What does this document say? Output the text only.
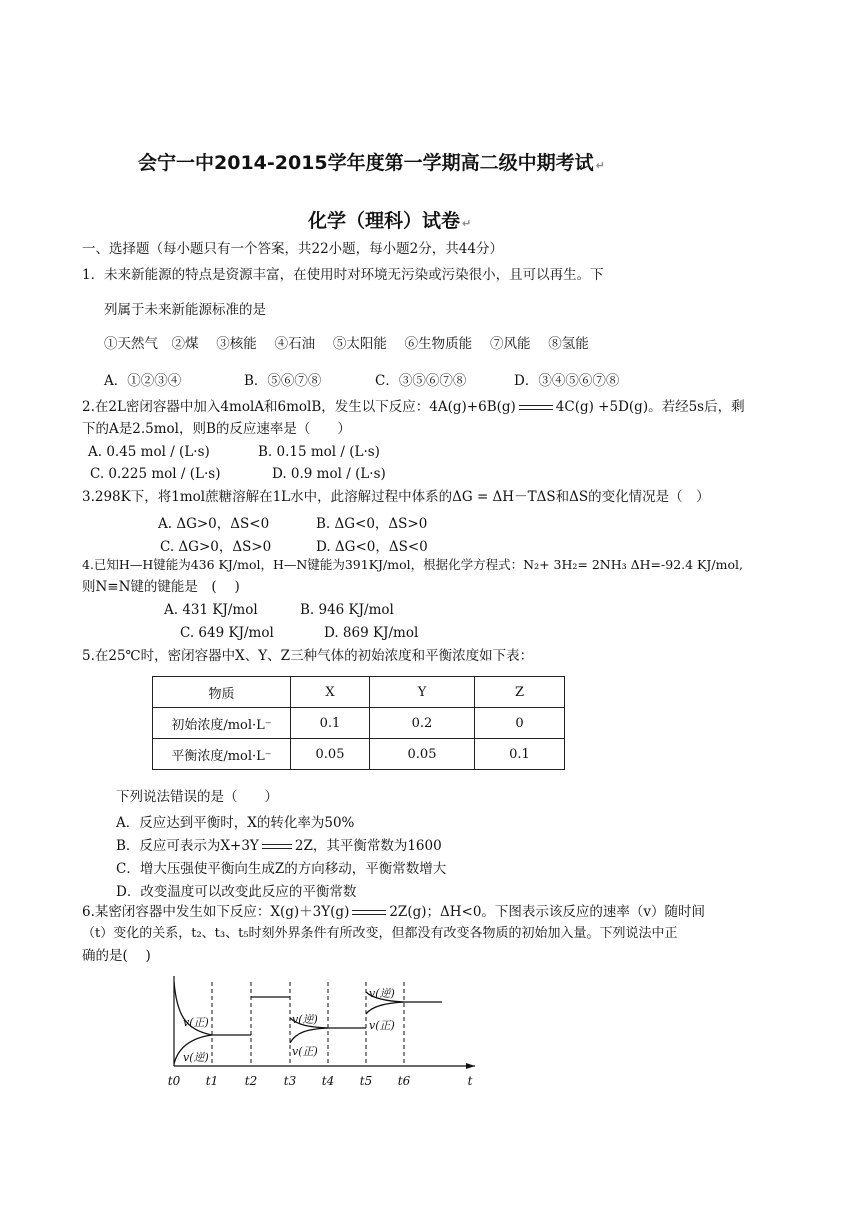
会宁一中2014-2015学年度第一学期高二级中期考试 ↵
化学（理科）试卷 ↵
一、选择题（每小题只有一个答案，共22小题，每小题2分，共44分）
1．未来新能源的特点是资源丰富，在使用时对环境无污染或污染很小，且可以再生。下
列属于未来新能源标准的是
①天然气　②煤　 ③核能　 ④石油　 ⑤太阳能　 ⑥生物质能　 ⑦风能　 ⑧氢能
A．①②③④	B．⑤⑥⑦⑧	C．③⑤⑥⑦⑧	D．③④⑤⑥⑦⑧
2.在2L密闭容器中加入4molA和6molB，发生以下反应：4A(g)+6B(g)	4C(g) +5D(g)。若经5s后，剩
下的A是2.5mol，则B的反应速率是（　　）
A. 0.45 mol / (L·s)	B. 0.15 mol / (L·s)
C. 0.225 mol / (L·s)	D. 0.9 mol / (L·s)
3.298K下，将1mol蔗糖溶解在1L水中，此溶解过程中体系的ΔG = ΔH－TΔS和ΔS的变化情况是（　）
A. ΔG>0，ΔS<0	B. ΔG<0，ΔS>0
C. ΔG>0，ΔS>0	D. ΔG<0，ΔS<0
4.已知H—H键能为436 KJ/mol，H—N键能为391KJ/mol，根据化学方程式：N₂+ 3H₂= 2NH₃ ΔH=-92.4 KJ/mol,
则N≡N键的键能是　(　 )
A. 431 KJ/mol	B. 946 KJ/mol
C. 649 KJ/mol	D. 869 KJ/mol
5.在25℃时，密闭容器中X、Y、Z三种气体的初始浓度和平衡浓度如下表：
物质	X	Y	Z
初始浓度/mol·L⁻	0.1	0.2	0
平衡浓度/mol·L⁻	0.05	0.05	0.1
下列说法错误的是（　　）
A．反应达到平衡时，X的转化率为50%
B．反应可表示为X+3Y	2Z，其平衡常数为1600
C．增大压强使平衡向生成Z的方向移动，平衡常数增大
D．改变温度可以改变此反应的平衡常数
6.某密闭容器中发生如下反应：X(g)＋3Y(g)	2Z(g)；ΔH<0。下图表示该反应的速率（v）随时间
（t）变化的关系，t₂、t₃、t₅时刻外界条件有所改变，但都没有改变各物质的初始加入量。下列说法中正
确的是(　 )
v(正)
v(逆)
v(逆)
v(正)
v(逆)
v(正)
t0 t1 t2 t3 t4 t5 t6	t
